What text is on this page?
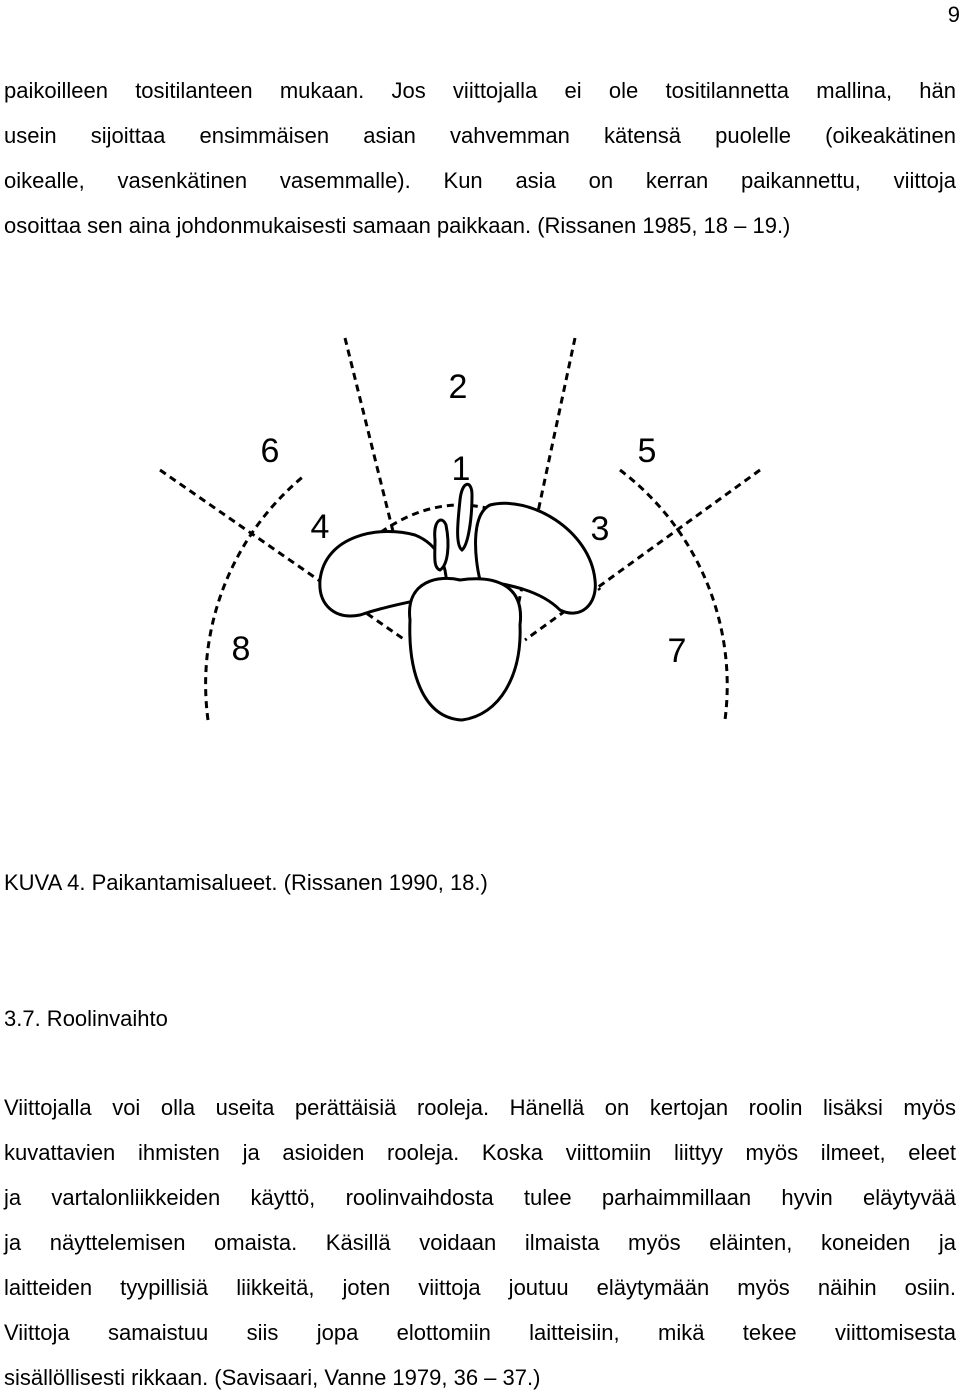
9
paikoilleen tositilanteen mukaan. Jos viittojalla ei ole tositilannetta mallina, hän
usein sijoittaa ensimmäisen asian vahvemman kätensä puolelle (oikeakätinen
oikealle, vasenkätinen vasemmalle). Kun asia on kerran paikannettu, viittoja
osoittaa sen aina johdonmukaisesti samaan paikkaan. (Rissanen 1985, 18 – 19.)
1
2
3
4
5
6
7
8
KUVA 4. Paikantamisalueet. (Rissanen 1990, 18.)
3.7. Roolinvaihto
Viittojalla voi olla useita perättäisiä rooleja. Hänellä on kertojan roolin lisäksi myös
kuvattavien ihmisten ja asioiden rooleja. Koska viittomiin liittyy myös ilmeet, eleet
ja vartalonliikkeiden käyttö, roolinvaihdosta tulee parhaimmillaan hyvin eläytyvää
ja näyttelemisen omaista. Käsillä voidaan ilmaista myös eläinten, koneiden ja
laitteiden tyypillisiä liikkeitä, joten viittoja joutuu eläytymään myös näihin osiin.
Viittoja samaistuu siis jopa elottomiin laitteisiin, mikä tekee viittomisesta
sisällöllisesti rikkaan. (Savisaari, Vanne 1979, 36 – 37.)
